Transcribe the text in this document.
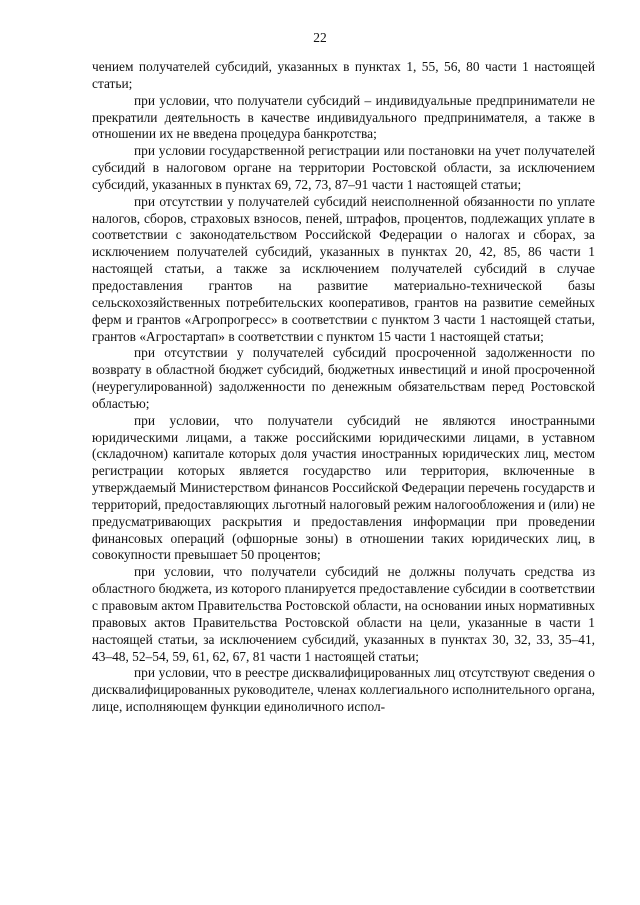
22

чением получателей субсидий, указанных в пунктах 1, 55, 56, 80 части 1 настоящей статьи;

при условии, что получатели субсидий – индивидуальные предприниматели не прекратили деятельность в качестве индивидуального предпринимателя, а также в отношении их не введена процедура банкротства;

при условии государственной регистрации или постановки на учет получателей субсидий в налоговом органе на территории Ростовской области, за исключением субсидий, указанных в пунктах 69, 72, 73, 87–91 части 1 настоящей статьи;

при отсутствии у получателей субсидий неисполненной обязанности по уплате налогов, сборов, страховых взносов, пеней, штрафов, процентов, подлежащих уплате в соответствии с законодательством Российской Федерации о налогах и сборах, за исключением получателей субсидий, указанных в пунктах 20, 42, 85, 86 части 1 настоящей статьи, а также за исключением получателей субсидий в случае предоставления грантов на развитие материально-технической базы сельскохозяйственных потребительских кооперативов, грантов на развитие семейных ферм и грантов «Агропрогресс» в соответствии с пунктом 3 части 1 настоящей статьи, грантов «Агростартап» в соответствии с пунктом 15 части 1 настоящей статьи;

при отсутствии у получателей субсидий просроченной задолженности по возврату в областной бюджет субсидий, бюджетных инвестиций и иной просроченной (неурегулированной) задолженности по денежным обязательствам перед Ростовской областью;

при условии, что получатели субсидий не являются иностранными юридическими лицами, а также российскими юридическими лицами, в уставном (складочном) капитале которых доля участия иностранных юридических лиц, местом регистрации которых является государство или территория, включенные в утверждаемый Министерством финансов Российской Федерации перечень государств и территорий, предоставляющих льготный налоговый режим налогообложения и (или) не предусматривающих раскрытия и предоставления информации при проведении финансовых операций (офшорные зоны) в отношении таких юридических лиц, в совокупности превышает 50 процентов;

при условии, что получатели субсидий не должны получать средства из областного бюджета, из которого планируется предоставление субсидии в соответствии с правовым актом Правительства Ростовской области, на основании иных нормативных правовых актов Правительства Ростовской области на цели, указанные в части 1 настоящей статьи, за исключением субсидий, указанных в пунктах 30, 32, 33, 35–41, 43–48, 52–54, 59, 61, 62, 67, 81 части 1 настоящей статьи;

при условии, что в реестре дисквалифицированных лиц отсутствуют сведения о дисквалифицированных руководителе, членах коллегиального исполнительного органа, лице, исполняющем функции единоличного испол-
